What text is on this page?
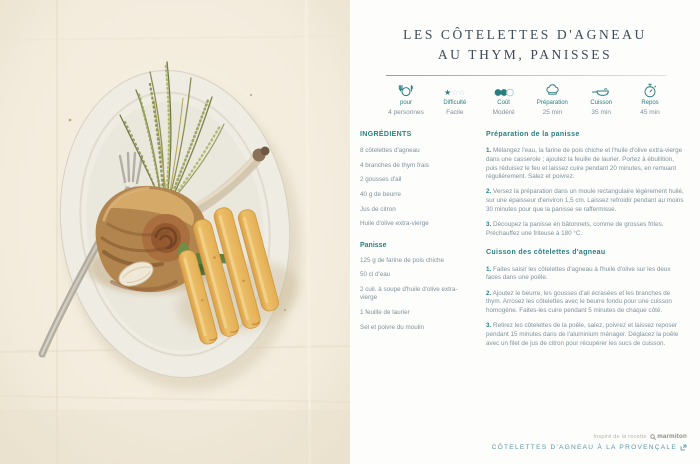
LES CÔTELETTES D'AGNEAU
AU THYM, PANISSES
pour
4 personnes
★☆☆
Difficulté
Facile
Coût
Modéré
Préparation
25 min
Cuisson
35 min
Repos
45 min
INGRÉDIENTS

8 côtelettes d'agneau

4 branches de thym frais

2 gousses d'ail

40 g de beurre

Jus de citron

Huile d'olive extra-vierge

Panisse

125 g de farine de pois chiche

50 cl d'eau

2 cuil. à soupe d'huile d'olive extra-vierge

1 feuille de laurier

Sel et poivre du moulin

Préparation de la panisse

1. Mélangez l'eau, la farine de pois chiche et l'huile d'olive extra-vierge dans une casserole ; ajoutez la feuille de laurier. Portez à ébullition, puis réduisez le feu et laissez cuire pendant 20 minutes, en remuant régulièrement. Salez et poivrez.

2. Versez la préparation dans un moule rectangulaire légèrement huilé, sur une épaisseur d'environ 1,5 cm. Laissez refroidir pendant au moins 30 minutes pour que la panisse se raffermisse.

3. Découpez la panisse en bâtonnets, comme de grosses frites. Préchauffez une friteuse à 180 °C.

Cuisson des côtelettes d'agneau

1. Faites saisir les côtelettes d'agneau à l'huile d'olive sur les deux faces dans une poêle.

2. Ajoutez le beurre, les gousses d'ail écrasées et les branches de thym. Arrosez les côtelettes avec le beurre fondu pour une cuisson homogène. Faites-les cuire pendant 5 minutes de chaque côté.

3. Retirez les côtelettes de la poêle, salez, poivrez et laissez reposer pendant 15 minutes dans de l'aluminium ménager. Déglacez la poêle avec un filet de jus de citron pour récupérer les sucs de cuisson.

Inspiré de la recette marmiton
CÔTELETTES D'AGNEAU À LA PROVENÇALE
